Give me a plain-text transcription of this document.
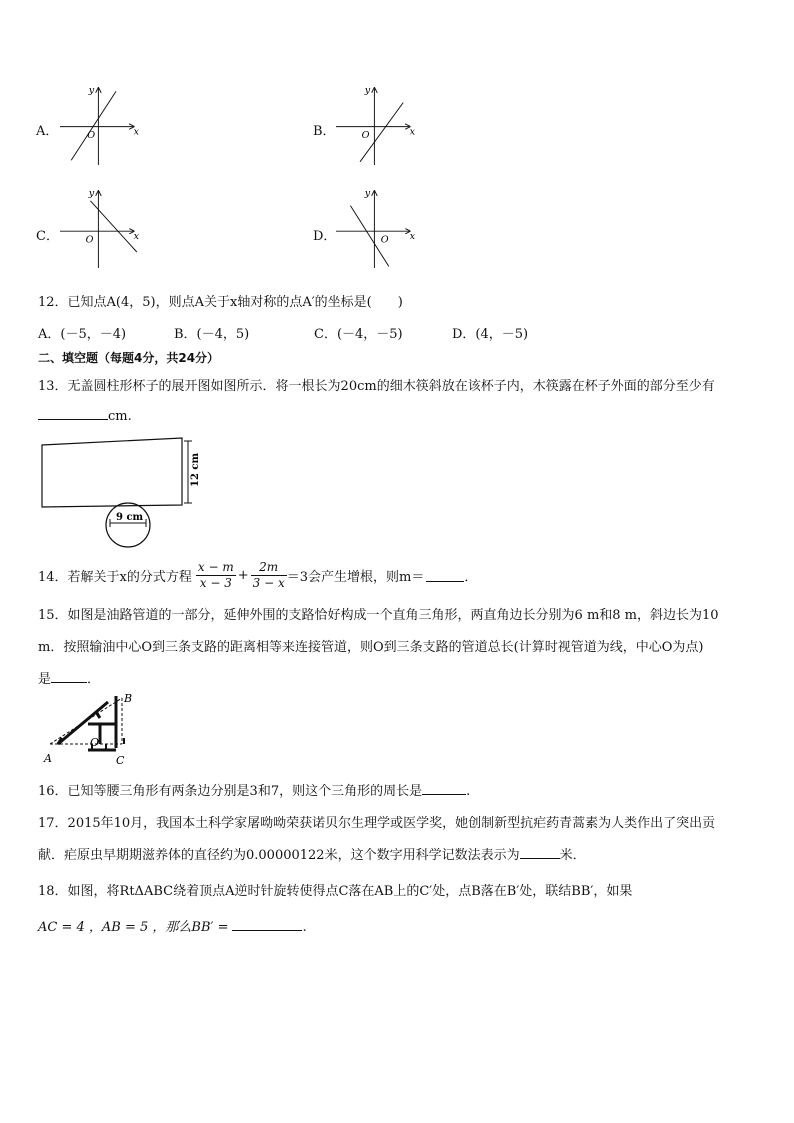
A．
y
x
O	B．
y
x
O
C．
y
x
O	D．
y
x
O
12．已知点A(4，5)，则点A关于x轴对称的点A′的坐标是(　　)
A．(－5，－4)	B．(－4，5)	C．(－4，－5)	D．(4，－5)
二、填空题（每题4分，共24分）
13．无盖圆柱形杯子的展开图如图所示．将一根长为20cm的细木筷斜放在该杯子内，木筷露在杯子外面的部分至少有
cm.
12 cm
9 cm
14．若解关于x的分式方程 $\frac{x - m}{x - 3} + \frac{2m}{3 - x} =3$会产生增根，则m＝	．
15．如图是油路管道的一部分，延伸外围的支路恰好构成一个直角三角形，两直角边长分别为6 m和8 m，斜边长为10
m．按照输油中心O到三条支路的距离相等来连接管道，则O到三条支路的管道总长(计算时视管道为线，中心O为点)
是	．
B
O
A	C
16．已知等腰三角形有两条边分别是3和7，则这个三角形的周长是	.
17．2015年10月，我国本土科学家屠呦呦荣获诺贝尔生理学或医学奖，她创制新型抗疟药青蒿素为人类作出了突出贡
献．疟原虫早期期滋养体的直径约为0.00000122米，这个数字用科学记数法表示为	米．
18．如图，将RtΔABC绕着顶点A逆时针旋转使得点C落在AB上的C′处，点B落在B′处，联结BB′，如果
AC = 4 ，AB = 5 ，那么BB′ =	.
